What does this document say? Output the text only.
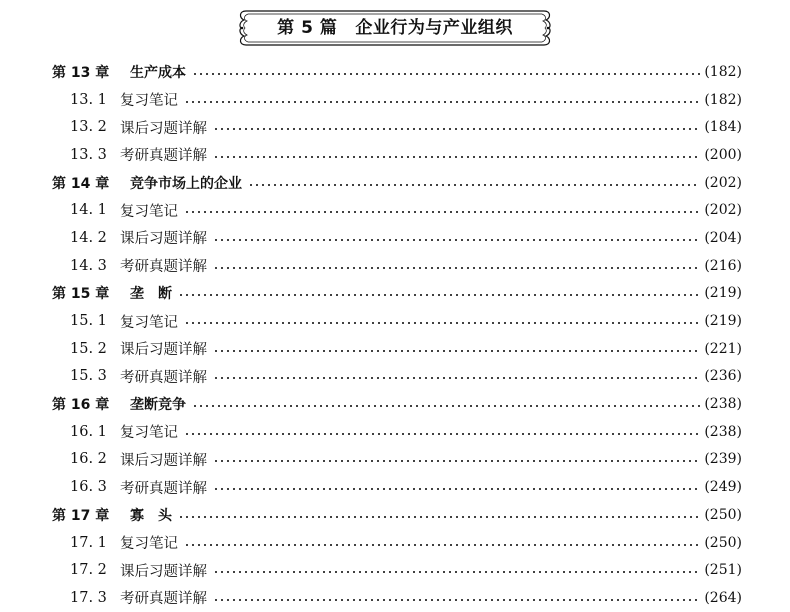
第 5 篇 企业行为与产业组织
第 13 章	生产成本	(182)
13. 1 复习笔记	(182)
13. 2 课后习题详解	(184)
13. 3 考研真题详解	(200)
第 14 章	竞争市场上的企业	(202)
14. 1 复习笔记	(202)
14. 2 课后习题详解	(204)
14. 3 考研真题详解	(216)
第 15 章	垄　断	(219)
15. 1 复习笔记	(219)
15. 2 课后习题详解	(221)
15. 3 考研真题详解	(236)
第 16 章	垄断竞争	(238)
16. 1 复习笔记	(238)
16. 2 课后习题详解	(239)
16. 3 考研真题详解	(249)
第 17 章	寡　头	(250)
17. 1 复习笔记	(250)
17. 2 课后习题详解	(251)
17. 3 考研真题详解	(264)
